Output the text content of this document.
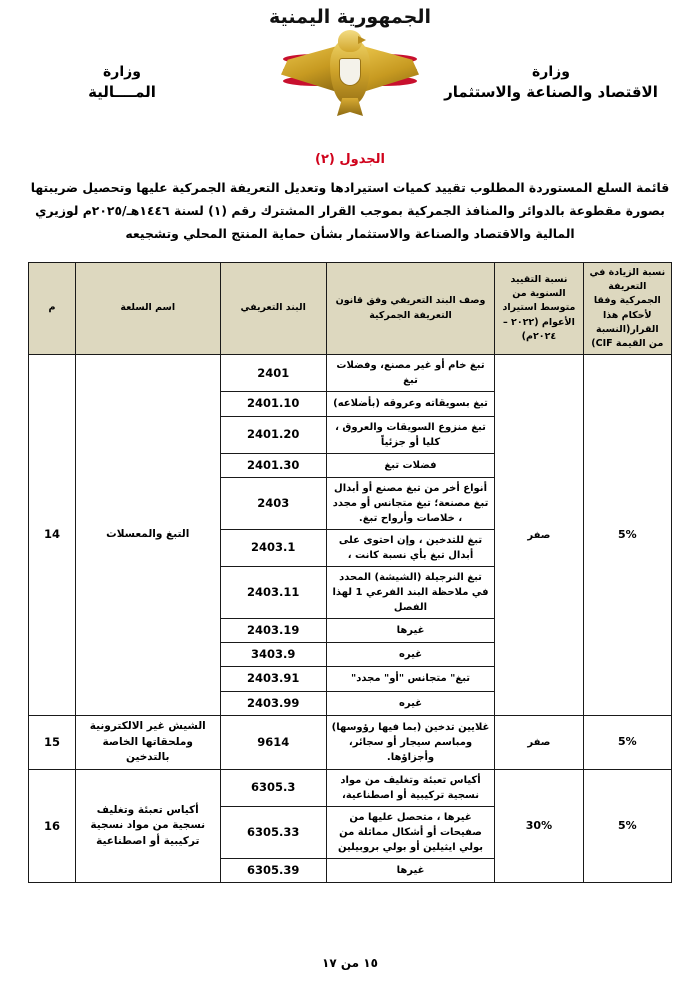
الجمهورية اليمنية
وزارة
الاقتصاد والصناعة والاستثمار
وزارة
المــــالية
الجدول (٢)
قائمة السلع المستوردة المطلوب تقييد كميات استيرادها وتعديل التعريفة الجمركية عليها وتحصيل ضريبتها بصورة مقطوعة بالدوائر والمنافذ الجمركية بموجب القرار المشترك رقم (١) لسنة ١٤٤٦هـ/٢٠٢٥م لوزيري المالية والاقتصاد والصناعة والاستثمار بشأن حماية المنتج المحلي وتشجيعه
نسبة الزيادة في التعريفة الجمركية وفقا لأحكام هذا القرار(النسبة من القيمة CIF)	نسبة التقييد السنوية من متوسط استيراد الأعوام (٢٠٢٢ – ٢٠٢٤م)	وصف البند التعريفي وفق قانون التعريفة الجمركية	البند التعريفي	اسم السلعة	م
5%	صفر	تبغ خام أو غير مصنع، وفضلات تبغ	2401	التبغ والمعسلات	14
		تبغ بسويقاته وعروقه (بأضلاعه)	2401.10		
		تبغ منزوع السويقات والعروق ، كليا أو جزئياً	2401.20		
		فضلات تبغ	2401.30		
		أنواع أخر من تبغ مصنع أو أبدال تبغ مصنعة؛ تبغ متجانس أو مجدد ، خلاصات وأرواح تبغ.	2403		
		تبغ للتدخين ، وإن احتوى على أبدال تبغ بأي نسبة كانت ،	2403.1		
		تبغ النرجيلة (الشيشة) المحدد في ملاحظة البند الفرعي 1 لهذا الفصل	2403.11		
		غيرها	2403.19		
		غيره	3403.9		
		تبغ" متجانس "أو" مجدد"	2403.91		
		غيره	2403.99		
5%	صفر	غلايين تدخين (بما فيها رؤوسها) ومباسم سيجار أو سجائر، وأجزاؤها.	9614	الشيش غير الالكترونية وملحقاتها الخاصة بالتدخين	15
5%	30%	أكياس تعبئة وتغليف من مواد نسجية تركيبية أو اصطناعية،	6305.3	أكياس تعبئة وتغليف نسجية من مواد نسجية تركيبية أو اصطناعية	16
		غيرها ، متحصل عليها من صفيحات أو أشكال مماثلة من بولي ايثيلين أو بولي بروبيلين	6305.33		
		غيرها	6305.39		
١٥ من ١٧
